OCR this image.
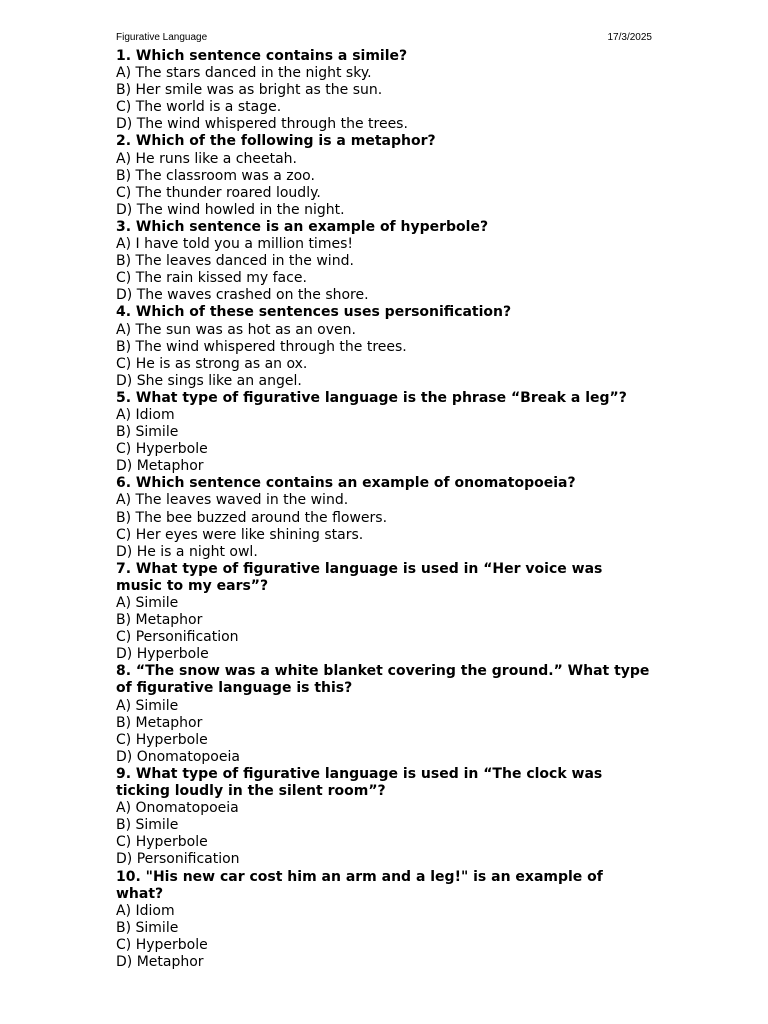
Figurative Language	17/3/2025

1. Which sentence contains a simile?

A) The stars danced in the night sky.
B) Her smile was as bright as the sun.
C) The world is a stage.
D) The wind whispered through the trees.

2. Which of the following is a metaphor?

A) He runs like a cheetah.
B) The classroom was a zoo.
C) The thunder roared loudly.
D) The wind howled in the night.

3. Which sentence is an example of hyperbole?

A) I have told you a million times!
B) The leaves danced in the wind.
C) The rain kissed my face.
D) The waves crashed on the shore.

4. Which of these sentences uses personification?

A) The sun was as hot as an oven.
B) The wind whispered through the trees.
C) He is as strong as an ox.
D) She sings like an angel.

5. What type of figurative language is the phrase “Break a leg”?

A) Idiom
B) Simile
C) Hyperbole
D) Metaphor

6. Which sentence contains an example of onomatopoeia?

A) The leaves waved in the wind.
B) The bee buzzed around the flowers.
C) Her eyes were like shining stars.
D) He is a night owl.

7. What type of figurative language is used in “Her voice was music to my ears”?

A) Simile
B) Metaphor
C) Personification
D) Hyperbole

8. “The snow was a white blanket covering the ground.” What type of figurative language is this?

A) Simile
B) Metaphor
C) Hyperbole
D) Onomatopoeia

9. What type of figurative language is used in “The clock was ticking loudly in the silent room”?

A) Onomatopoeia
B) Simile
C) Hyperbole
D) Personification

10. "His new car cost him an arm and a leg!" is an example of what?

A) Idiom
B) Simile
C) Hyperbole
D) Metaphor
